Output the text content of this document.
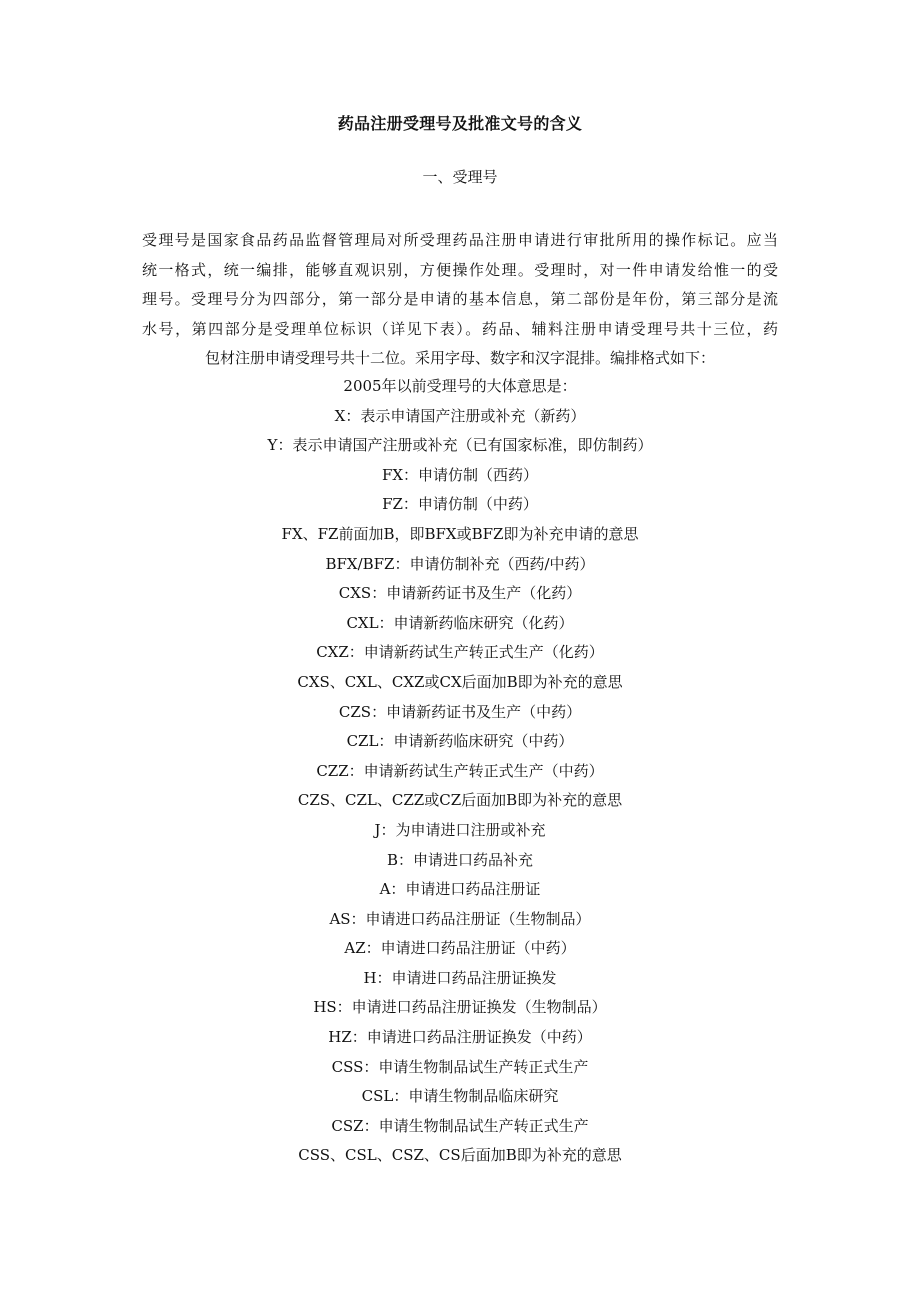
药品注册受理号及批准文号的含义
一、受理号
受理号是国家食品药品监督管理局对所受理药品注册申请进行审批所用的操作标记。应当
统一格式，统一编排，能够直观识别，方便操作处理。受理时，对一件申请发给惟一的受
理号。受理号分为四部分，第一部分是申请的基本信息，第二部份是年份，第三部分是流
水号，第四部分是受理单位标识（详见下表）。药品、辅料注册申请受理号共十三位，药
包材注册申请受理号共十二位。采用字母、数字和汉字混排。编排格式如下：
2005年以前受理号的大体意思是：
X：表示申请国产注册或补充（新药）
Y：表示申请国产注册或补充（已有国家标准，即仿制药）
FX：申请仿制（西药）
FZ：申请仿制（中药）
FX、FZ前面加B，即BFX或BFZ即为补充申请的意思
BFX/BFZ：申请仿制补充（西药/中药）
CXS：申请新药证书及生产（化药）
CXL：申请新药临床研究（化药）
CXZ：申请新药试生产转正式生产（化药）
CXS、CXL、CXZ或CX后面加B即为补充的意思
CZS：申请新药证书及生产（中药）
CZL：申请新药临床研究（中药）
CZZ：申请新药试生产转正式生产（中药）
CZS、CZL、CZZ或CZ后面加B即为补充的意思
J：为申请进口注册或补充
B：申请进口药品补充
A：申请进口药品注册证
AS：申请进口药品注册证（生物制品）
AZ：申请进口药品注册证（中药）
H：申请进口药品注册证换发
HS：申请进口药品注册证换发（生物制品）
HZ：申请进口药品注册证换发（中药）
CSS：申请生物制品试生产转正式生产
CSL：申请生物制品临床研究
CSZ：申请生物制品试生产转正式生产
CSS、CSL、CSZ、CS后面加B即为补充的意思
